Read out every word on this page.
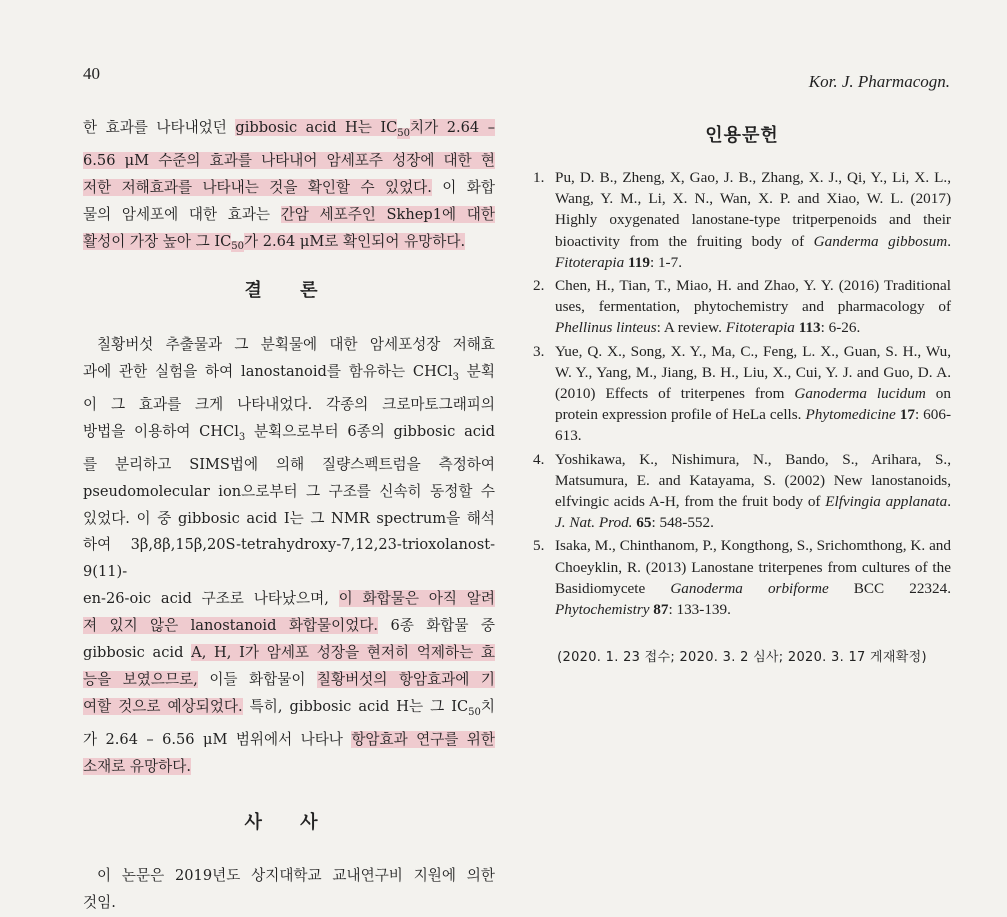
40	Kor. J. Pharmacogn.
한 효과를 나타내었던 gibbosic acid H는 $IC_{50}$치가 2.64 –
6.56 μM 수준의 효과를 나타내어 암세포주 성장에 대한 현
저한 저해효과를 나타내는 것을 확인할 수 있었다. 이 화합
물의 암세포에 대한 효과는 간암 세포주인 Skhep1에 대한
활성이 가장 높아 그 $IC_{50}$가 2.64 μM로 확인되어 유망하다.
결 론
칠황버섯 추출물과 그 분획물에 대한 암세포성장 저해효
과에 관한 실험을 하여 lanostanoid를 함유하는 CHCl$_3$ 분획
이 그 효과를 크게 나타내었다. 각종의 크로마토그래피의
방법을 이용하여 CHCl$_3$ 분획으로부터 6종의 gibbosic acid
를 분리하고 SIMS법에 의해 질량스펙트럼을 측정하여
pseudomolecular ion으로부터 그 구조를 신속히 동정할 수
있었다. 이 중 gibbosic acid I는 그 NMR spectrum을 해석
하여 3β,8β,15β,20S-tetrahydroxy-7,12,23-trioxolanost-9(11)-
en-26-oic acid 구조로 나타났으며, 이 화합물은 아직 알려
져 있지 않은 lanostanoid 화합물이었다. 6종 화합물 중
gibbosic acid A, H, I가 암세포 성장을 현저히 억제하는 효
능을 보였으므로, 이들 화합물이 칠황버섯의 항암효과에 기
여할 것으로 예상되었다. 특히, gibbosic acid H는 그 $IC_{50}$치
가 2.64 – 6.56 μM 범위에서 나타나 항암효과 연구를 위한
소재로 유망하다.
사 사
이 논문은 2019년도 상지대학교 교내연구비 지원에 의한
것임.
인용문헌
1. Pu, D. B., Zheng, X, Gao, J. B., Zhang, X. J., Qi, Y., Li, X. L., Wang, Y. M., Li, X. N., Wan, X. P. and Xiao, W. L. (2017) Highly oxygenated lanostane-type tritperpenoids and their bioactivity from the fruiting body of Ganderma gibbosum. Fitoterapia 119: 1-7.
2. Chen, H., Tian, T., Miao, H. and Zhao, Y. Y. (2016) Traditional uses, fermentation, phytochemistry and pharmacology of Phellinus linteus: A review. Fitoterapia 113: 6-26.
3. Yue, Q. X., Song, X. Y., Ma, C., Feng, L. X., Guan, S. H., Wu, W. Y., Yang, M., Jiang, B. H., Liu, X., Cui, Y. J. and Guo, D. A. (2010) Effects of triterpenes from Ganoderma lucidum on protein expression profile of HeLa cells. Phytomedicine 17: 606-613.
4. Yoshikawa, K., Nishimura, N., Bando, S., Arihara, S., Matsumura, E. and Katayama, S. (2002) New lanostanoids, elfvingic acids A-H, from the fruit body of Elfvingia applanata. J. Nat. Prod. 65: 548-552.
5. Isaka, M., Chinthanom, P., Kongthong, S., Srichomthong, K. and Choeyklin, R. (2013) Lanostane triterpenes from cultures of the Basidiomycete Ganoderma orbiforme BCC 22324. Phytochemistry 87: 133-139.
(2020. 1. 23 접수; 2020. 3. 2 심사; 2020. 3. 17 게재확정)
